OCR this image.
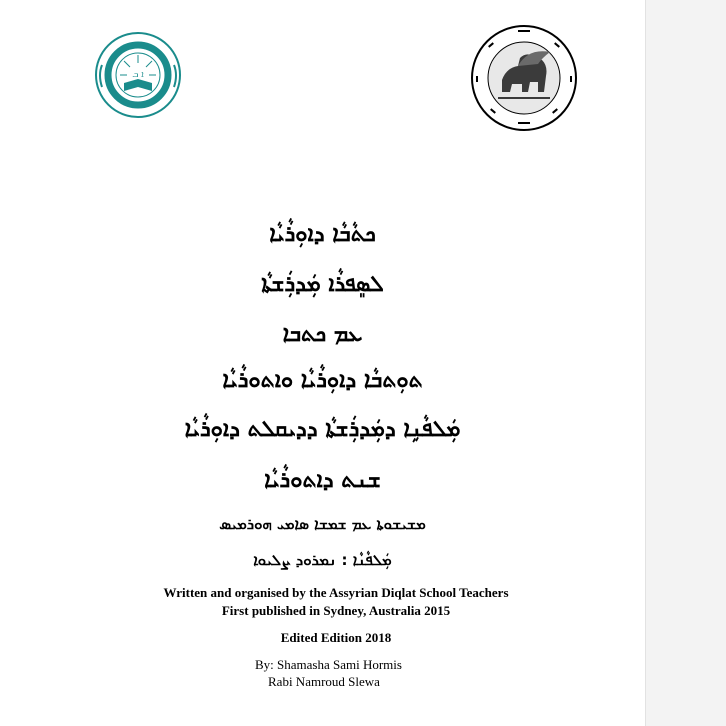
ܐ ܒ
ܟܬܵܒܵܐ ܕܐܘܼܪܵܝܵܐ
ܠܣܸܦܪܵܐ ܡܲܕܪܲܫܬܵܐ
ܥܡ ܟܬܒܐ
ܬܘܼܬܒܵܐ ܕܐܘܼܪܵܝܵܐ ܘܐܬܘܪܵܝܵܐ
ܡܲܠܦܵܢܹܐ ܕܡܲܕܪܲܫܬܵܐ ܕܕܝܩܠܬ ܕܐܘܼܪܵܝܵܐ
ܫܢܬ ܕܐܬܘܪܵܝܵܐ
ܡܫܝܫܘܬܐ ܥܡ ܫܡܫܐ ܣܐܡܝ ܗܘܪܡܝܣ
ܡܲܠܦܵܢܵܐ : ܢܡܪܘܕ ܨܠܝܘܐ
Written and organised by the Assyrian Diqlat School Teachers
First published in Sydney, Australia 2015
Edited Edition 2018
By: Shamasha Sami Hormis
Rabi Namroud Slewa
